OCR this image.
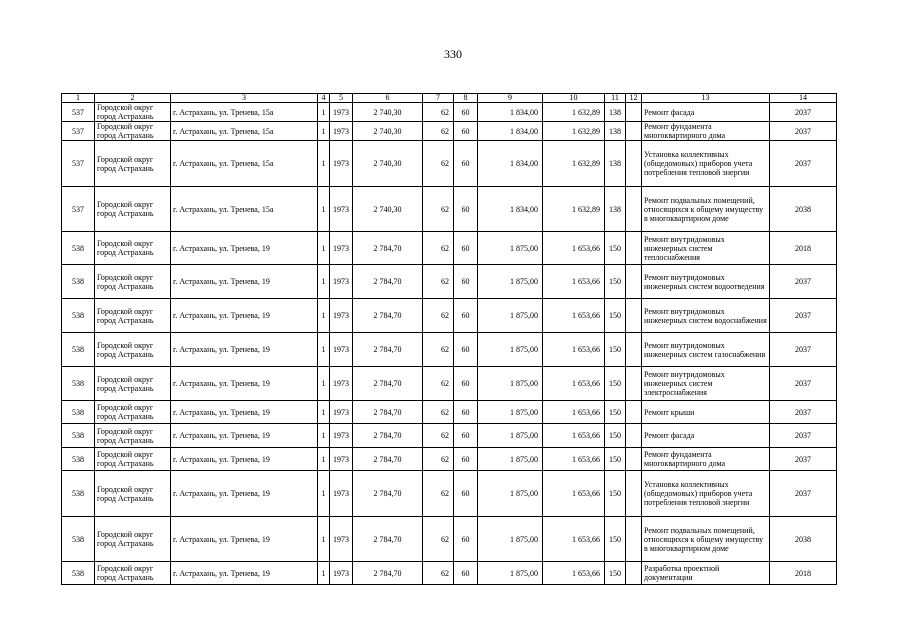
330
1	2	3	4	5	6	7	8	9	10	11	12	13	14
537	Городской округ город Астрахань	г. Астрахань, ул. Тренева, 15а	1	1973	2 740,30	62	60	1 834,00	1 632,89	138		Ремонт фасада	2037
537	Городской округ город Астрахань	г. Астрахань, ул. Тренева, 15а	1	1973	2 740,30	62	60	1 834,00	1 632,89	138		Ремонт фундамента многоквартирного дома	2037
537	Городской округ город Астрахань	г. Астрахань, ул. Тренева, 15а	1	1973	2 740,30	62	60	1 834,00	1 632,89	138		Установка коллективных (общедомовых) приборов учета потребления тепловой энергии	2037
537	Городской округ город Астрахань	г. Астрахань, ул. Тренева, 15а	1	1973	2 740,30	62	60	1 834,00	1 632,89	138		Ремонт подвальных помещений, относящихся к общему имуществу в многоквартирном доме	2038
538	Городской округ город Астрахань	г. Астрахань, ул. Тренева, 19	1	1973	2 784,70	62	60	1 875,00	1 653,66	150		Ремонт внутридомовых инженерных систем теплоснабжения	2018
538	Городской округ город Астрахань	г. Астрахань, ул. Тренева, 19	1	1973	2 784,70	62	60	1 875,00	1 653,66	150		Ремонт внутридомовых инженерных систем водоотведения	2037
538	Городской округ город Астрахань	г. Астрахань, ул. Тренева, 19	1	1973	2 784,70	62	60	1 875,00	1 653,66	150		Ремонт внутридомовых инженерных систем водоснабжения	2037
538	Городской округ город Астрахань	г. Астрахань, ул. Тренева, 19	1	1973	2 784,70	62	60	1 875,00	1 653,66	150		Ремонт внутридомовых инженерных систем газоснабжения	2037
538	Городской округ город Астрахань	г. Астрахань, ул. Тренева, 19	1	1973	2 784,70	62	60	1 875,00	1 653,66	150		Ремонт внутридомовых инженерных систем электроснабжения	2037
538	Городской округ город Астрахань	г. Астрахань, ул. Тренева, 19	1	1973	2 784,70	62	60	1 875,00	1 653,66	150		Ремонт крыши	2037
538	Городской округ город Астрахань	г. Астрахань, ул. Тренева, 19	1	1973	2 784,70	62	60	1 875,00	1 653,66	150		Ремонт фасада	2037
538	Городской округ город Астрахань	г. Астрахань, ул. Тренева, 19	1	1973	2 784,70	62	60	1 875,00	1 653,66	150		Ремонт фундамента многоквартирного дома	2037
538	Городской округ город Астрахань	г. Астрахань, ул. Тренева, 19	1	1973	2 784,70	62	60	1 875,00	1 653,66	150		Установка коллективных (общедомовых) приборов учета потребления тепловой энергии	2037
538	Городской округ город Астрахань	г. Астрахань, ул. Тренева, 19	1	1973	2 784,70	62	60	1 875,00	1 653,66	150		Ремонт подвальных помещений, относящихся к общему имуществу в многоквартирном доме	2038
538	Городской округ город Астрахань	г. Астрахань, ул. Тренева, 19	1	1973	2 784,70	62	60	1 875,00	1 653,66	150		Разработка проектной документации	2018
